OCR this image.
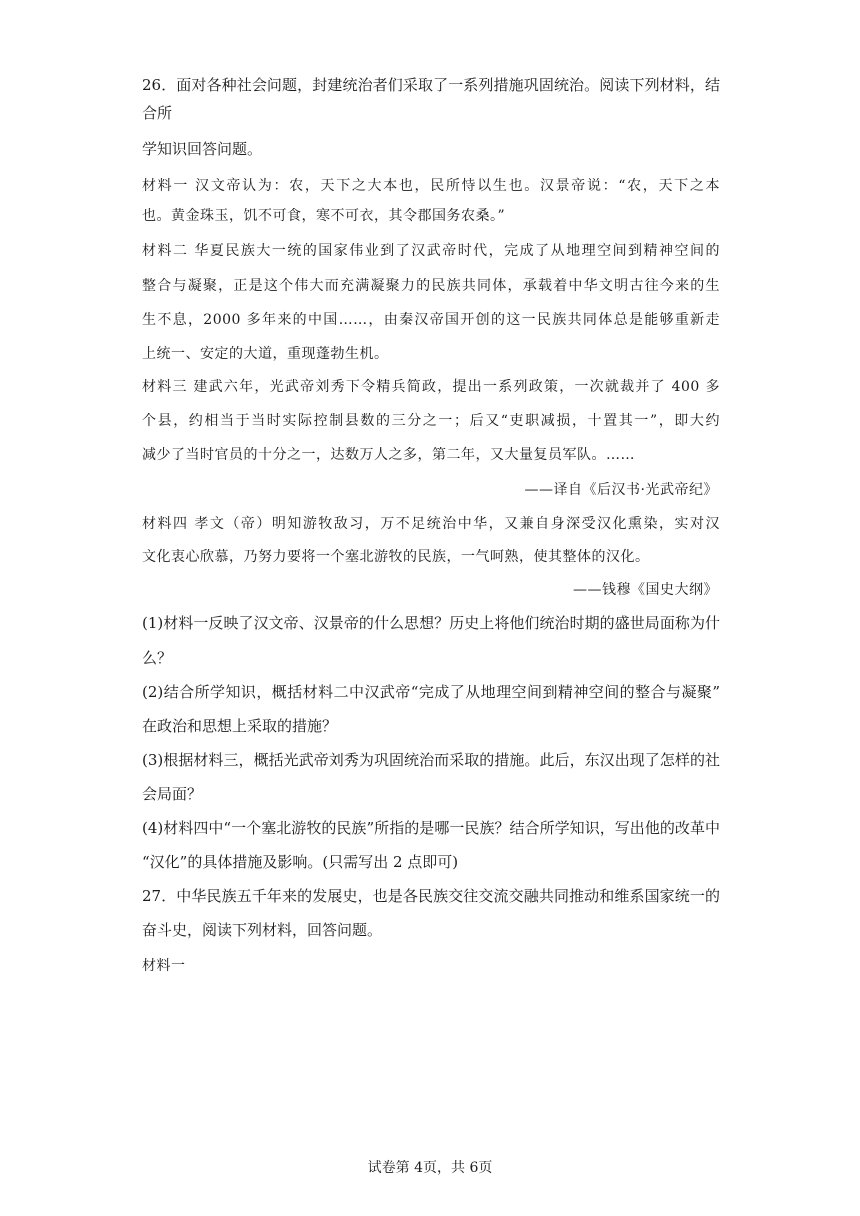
26．面对各种社会问题，封建统治者们采取了一系列措施巩固统治。阅读下列材料，结
合所
学知识回答问题。
材料一 汉文帝认为：农，天下之大本也，民所恃以生也。汉景帝说：“农，天下之本
也。黄金珠玉，饥不可食，寒不可衣，其令郡国务农桑。”
材料二 华夏民族大一统的国家伟业到了汉武帝时代，完成了从地理空间到精神空间的
整合与凝聚，正是这个伟大而充满凝聚力的民族共同体，承载着中华文明古往今来的生
生不息，2000 多年来的中国……，由秦汉帝国开创的这一民族共同体总是能够重新走
上统一、安定的大道，重现蓬勃生机。
材料三 建武六年，光武帝刘秀下令精兵简政，提出一系列政策，一次就裁并了 400 多
个县，约相当于当时实际控制县数的三分之一；后又“吏职减损，十置其一”，即大约
减少了当时官员的十分之一，达数万人之多，第二年，又大量复员军队。……
——译自《后汉书·光武帝纪》
材料四 孝文（帝）明知游牧敌习，万不足统治中华，又兼自身深受汉化熏染，实对汉
文化衷心欣慕，乃努力要将一个塞北游牧的民族，一气呵熟，使其整体的汉化。
——钱穆《国史大纲》
(1)材料一反映了汉文帝、汉景帝的什么思想？历史上将他们统治时期的盛世局面称为什
么？
(2)结合所学知识，概括材料二中汉武帝“完成了从地理空间到精神空间的整合与凝聚”
在政治和思想上采取的措施？
(3)根据材料三，概括光武帝刘秀为巩固统治而采取的措施。此后，东汉出现了怎样的社
会局面？
(4)材料四中“一个塞北游牧的民族”所指的是哪一民族？结合所学知识，写出他的改革中
“汉化”的具体措施及影响。(只需写出 2 点即可)
27．中华民族五千年来的发展史，也是各民族交往交流交融共同推动和维系国家统一的
奋斗史，阅读下列材料，回答问题。
材料一
试卷第 4页，共 6页
